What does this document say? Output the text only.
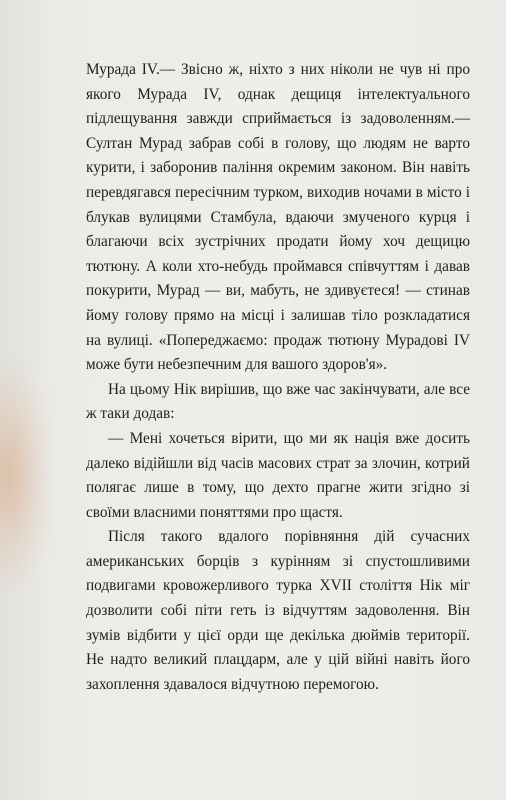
Мурада IV.— Звісно ж, ніхто з них ніколи не чув ні про якого Мурада IV, однак дещиця інтелектуального підлещування завжди сприймається із задоволенням.— Султан Мурад забрав собі в голову, що людям не варто курити, і заборонив паління окремим законом. Він навіть перевдягався пересічним турком, виходив ночами в місто і блукав вулицями Стамбула, вдаючи змученого курця і благаючи всіх зустрічних продати йому хоч дещицю тютюну. А коли хто-небудь проймався співчуттям і давав покурити, Мурад — ви, мабуть, не здивуєтеся! — стинав йому голову прямо на місці і залишав тіло розкладатися на вулиці. «Попереджаємо: продаж тютюну Мурадові IV може бути небезпечним для вашого здоров'я».

На цьому Нік вирішив, що вже час закінчувати, але все ж таки додав:

— Мені хочеться вірити, що ми як нація вже досить далеко відійшли від часів масових страт за злочин, котрий полягає лише в тому, що дехто прагне жити згідно зі своїми власними поняттями про щастя.

Після такого вдалого порівняння дій сучасних американських борців з курінням зі спустошливими подвигами кровожерливого турка XVII століття Нік міг дозволити собі піти геть із відчуттям задоволення. Він зумів відбити у цієї орди ще декілька дюймів території. Не надто великий плацдарм, але у цій війні навіть його захоплення здавалося відчутною перемогою.
